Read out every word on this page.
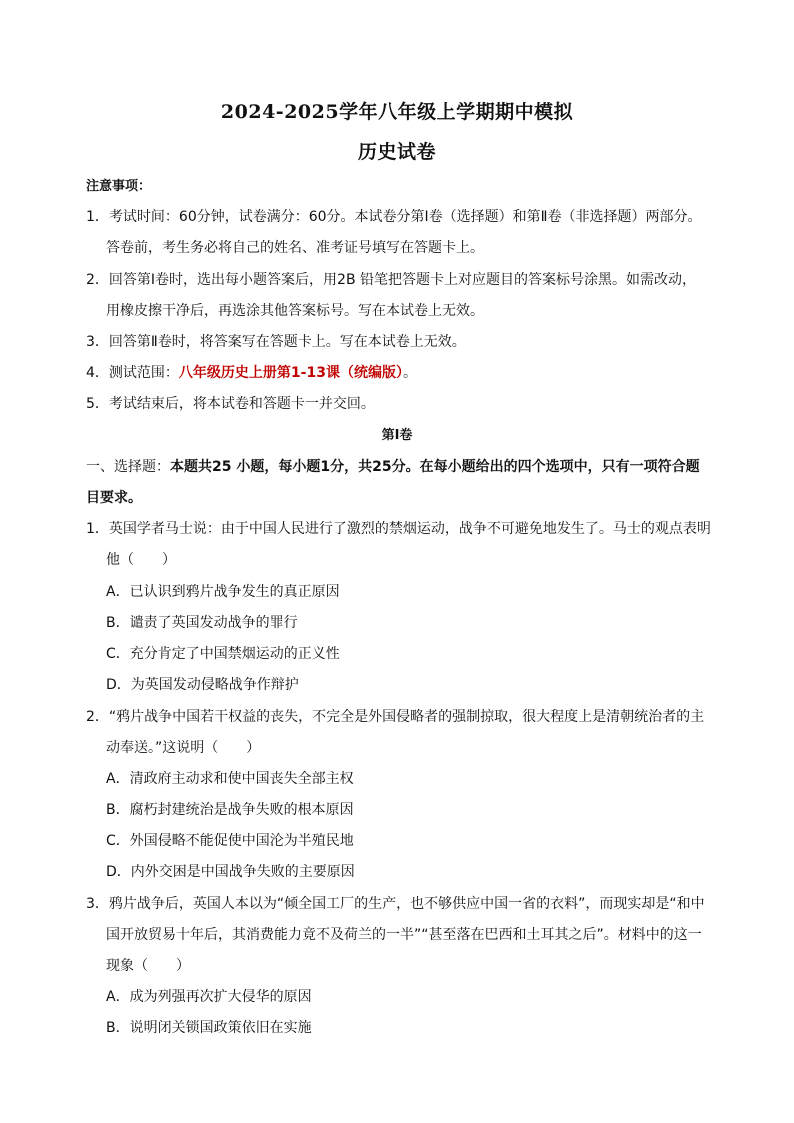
2024-2025学年八年级上学期期中模拟
历史试卷
注意事项：
1．考试时间：60分钟，试卷满分：60分。本试卷分第Ⅰ卷（选择题）和第Ⅱ卷（非选择题）两部分。
答卷前，考生务必将自己的姓名、准考证号填写在答题卡上。
2．回答第Ⅰ卷时，选出每小题答案后，用2B 铅笔把答题卡上对应题目的答案标号涂黑。如需改动，
用橡皮擦干净后，再选涂其他答案标号。写在本试卷上无效。
3．回答第Ⅱ卷时，将答案写在答题卡上。写在本试卷上无效。
4．测试范围：八年级历史上册第1-13课（统编版）。
5．考试结束后，将本试卷和答题卡一并交回。
第Ⅰ卷
一、选择题：本题共25 小题，每小题1分，共25分。在每小题给出的四个选项中，只有一项符合题
目要求。
1．英国学者马士说：由于中国人民进行了激烈的禁烟运动，战争不可避免地发生了。马士的观点表明
他（　　）
A．已认识到鸦片战争发生的真正原因
B．谴责了英国发动战争的罪行
C．充分肯定了中国禁烟运动的正义性
D．为英国发动侵略战争作辩护
2．“鸦片战争中国若干权益的丧失，不完全是外国侵略者的强制掠取，很大程度上是清朝统治者的主
动奉送。”这说明（　　）
A．清政府主动求和使中国丧失全部主权
B．腐朽封建统治是战争失败的根本原因
C．外国侵略不能促使中国沦为半殖民地
D．内外交困是中国战争失败的主要原因
3．鸦片战争后，英国人本以为“倾全国工厂的生产，也不够供应中国一省的衣料”，而现实却是“和中
国开放贸易十年后，其消费能力竟不及荷兰的一半”“甚至落在巴西和土耳其之后”。材料中的这一
现象（　　）
A．成为列强再次扩大侵华的原因
B．说明闭关锁国政策依旧在实施
